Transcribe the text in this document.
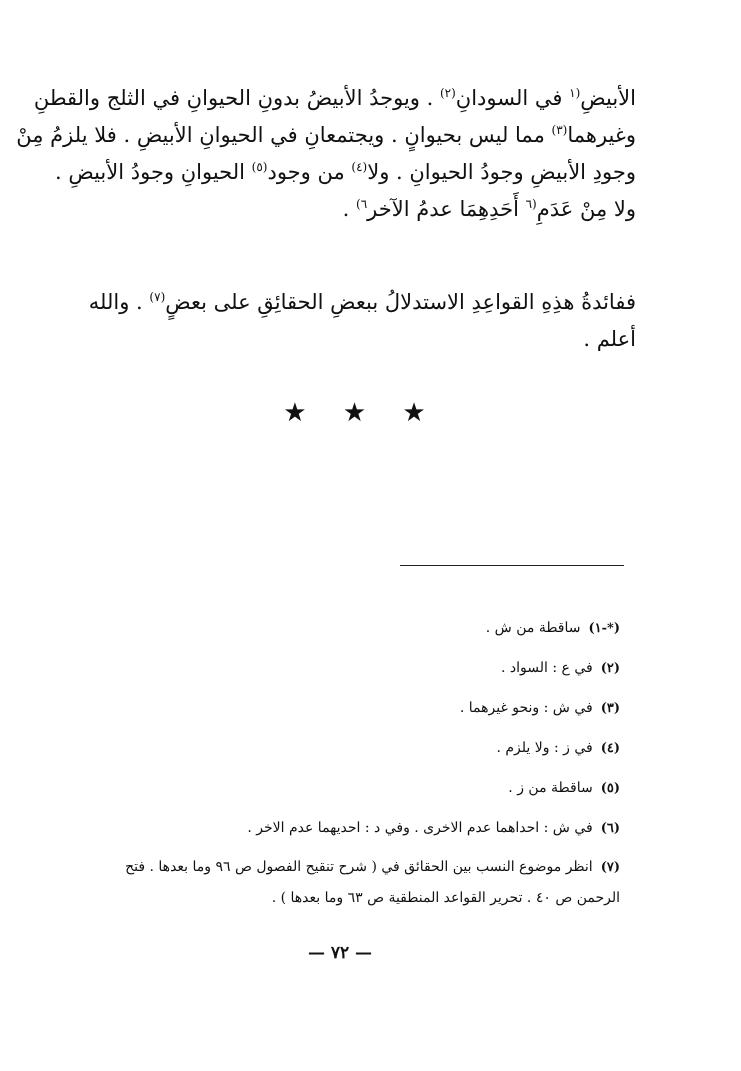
الأبيضِ$^{(١}$ في السودانِ$^{(٢)}$ . ويوجدُ الأبيضُ بدونِ الحيوانِ في الثلج والقطنِ
وغيرهما$^{(٣)}$ مما ليس بحيوانٍ . ويجتمعانِ في الحيوانِ الأبيضِ . فلا يلزمُ مِنْ
وجودِ الأبيضِ وجودُ الحيوانِ . ولا$^{(٤)}$ من وجود$^{(٥)}$ الحيوانِ وجودُ الأبيضِ .
ولا مِنْ عَدَمِ$^{(٦}$ أَحَدِهِمَا عدمُ الآخر$^{٦)}$ .

ففائدةُ هذِهِ القواعِدِ الاستدلالُ ببعضِ الحقائِقِ على بعضٍ$^{(٧)}$ . والله
أعلم .

★ ★ ★
(*-١)ساقطة من ش .
(٢)في ع : السواد .
(٣)في ش : ونحو غيرهما .
(٤)في ز : ولا يلزم .
(٥)ساقطة من ز .
(٦)في ش : احداهما عدم الاخرى . وفي د : احديهما عدم الاخر .
(٧)انظر موضوع النسب بين الحقائق في ( شرح تنقيح الفصول ص ٩٦ وما بعدها . فتح الرحمن ص ٤٠ . تحرير القواعد المنطقية ص ٦٣ وما بعدها ) .
— ٧٢ —
